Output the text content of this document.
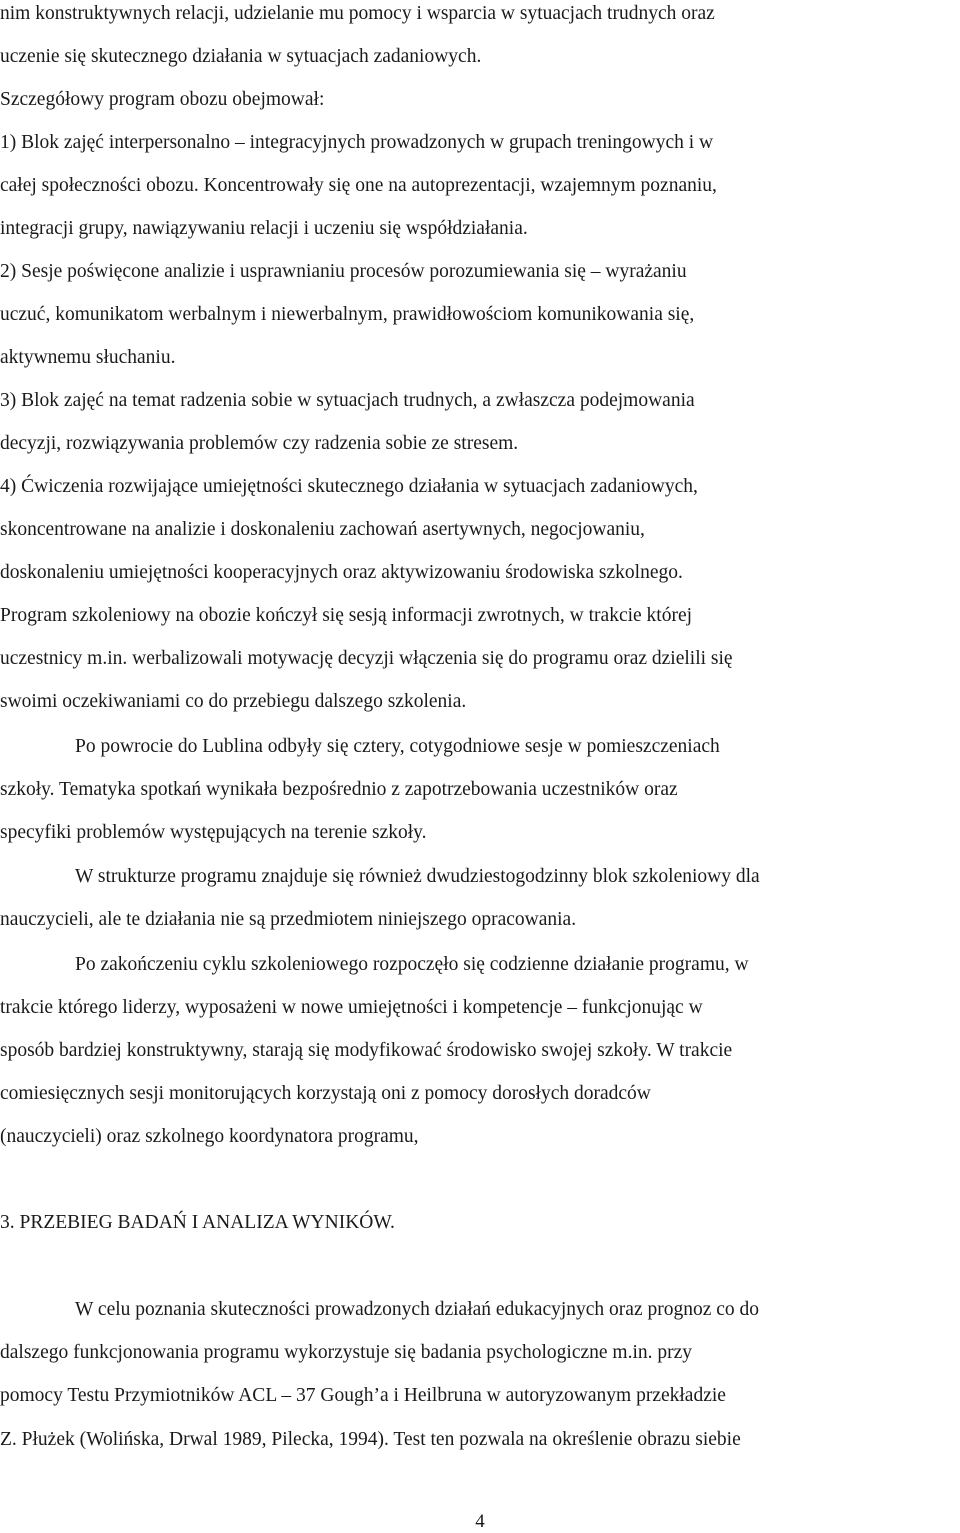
nim konstruktywnych relacji, udzielanie mu pomocy i wsparcia w sytuacjach trudnych oraz
uczenie się skutecznego działania w sytuacjach zadaniowych.
Szczegółowy program obozu obejmował:
1) Blok zajęć interpersonalno – integracyjnych prowadzonych w grupach treningowych i w
całej społeczności obozu. Koncentrowały się one na autoprezentacji, wzajemnym poznaniu,
integracji grupy, nawiązywaniu relacji i uczeniu się współdziałania.
2) Sesje poświęcone analizie i usprawnianiu procesów porozumiewania się – wyrażaniu
uczuć, komunikatom werbalnym i niewerbalnym, prawidłowościom komunikowania się,
aktywnemu słuchaniu.
3) Blok zajęć na temat radzenia sobie w sytuacjach trudnych, a zwłaszcza podejmowania
decyzji, rozwiązywania problemów czy radzenia sobie ze stresem.
4) Ćwiczenia rozwijające umiejętności skutecznego działania w sytuacjach zadaniowych,
skoncentrowane na analizie i doskonaleniu zachowań asertywnych, negocjowaniu,
doskonaleniu umiejętności kooperacyjnych oraz aktywizowaniu środowiska szkolnego.
Program szkoleniowy na obozie kończył się sesją informacji zwrotnych, w trakcie której
uczestnicy m.in. werbalizowali motywację decyzji włączenia się do programu oraz dzielili się
swoimi oczekiwaniami co do przebiegu dalszego szkolenia.
Po powrocie do Lublina odbyły się cztery, cotygodniowe sesje w pomieszczeniach
szkoły. Tematyka spotkań wynikała bezpośrednio z zapotrzebowania uczestników oraz
specyfiki problemów występujących na terenie szkoły.
W strukturze programu znajduje się również dwudziestogodzinny blok szkoleniowy dla
nauczycieli, ale te działania nie są przedmiotem niniejszego opracowania.
Po zakończeniu cyklu szkoleniowego rozpoczęło się codzienne działanie programu, w
trakcie którego liderzy, wyposażeni w nowe umiejętności i kompetencje – funkcjonując w
sposób bardziej konstruktywny, starają się modyfikować środowisko swojej szkoły. W trakcie
comiesięcznych sesji monitorujących korzystają oni z pomocy dorosłych doradców
(nauczycieli) oraz szkolnego koordynatora programu,
3. PRZEBIEG BADAŃ I ANALIZA WYNIKÓW.
W celu poznania skuteczności prowadzonych działań edukacyjnych oraz prognoz co do
dalszego funkcjonowania programu wykorzystuje się badania psychologiczne m.in. przy
pomocy Testu Przymiotników ACL – 37 Gough’a i Heilbruna w autoryzowanym przekładzie
Z. Płużek (Wolińska, Drwal 1989, Pilecka, 1994). Test ten pozwala na określenie obrazu siebie
4
